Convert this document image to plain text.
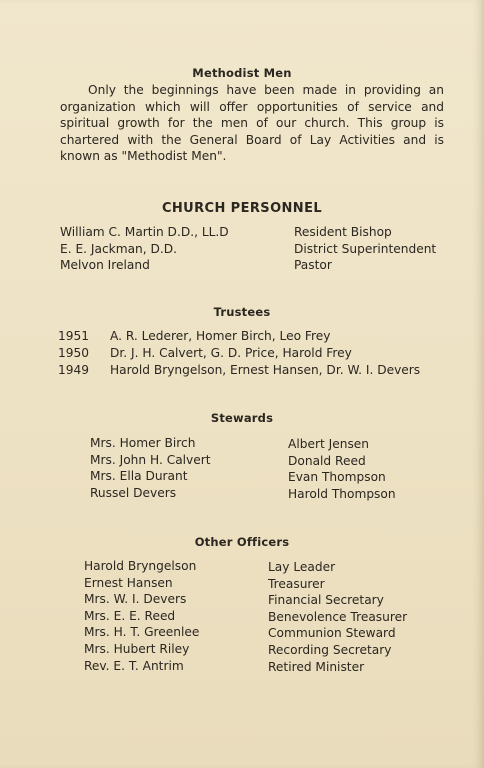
Methodist Men
Only the beginnings have been made in providing an organization which will offer opportunities of service and spiritual growth for the men of our church. This group is chartered with the General Board of Lay Activities and is known as "Methodist Men".
CHURCH PERSONNEL
William C. Martin D.D., LL.D
E. E. Jackman, D.D.
Melvon Ireland
Resident Bishop
District Superintendent
Pastor
Trustees
1951 A. R. Lederer, Homer Birch, Leo Frey
1950 Dr. J. H. Calvert, G. D. Price, Harold Frey
1949 Harold Bryngelson, Ernest Hansen, Dr. W. I. Devers
Stewards
Mrs. Homer Birch
Mrs. John H. Calvert
Mrs. Ella Durant
Russel Devers
Albert Jensen
Donald Reed
Evan Thompson
Harold Thompson
Other Officers
Harold Bryngelson
Ernest Hansen
Mrs. W. I. Devers
Mrs. E. E. Reed
Mrs. H. T. Greenlee
Mrs. Hubert Riley
Rev. E. T. Antrim
Lay Leader
Treasurer
Financial Secretary
Benevolence Treasurer
Communion Steward
Recording Secretary
Retired Minister
